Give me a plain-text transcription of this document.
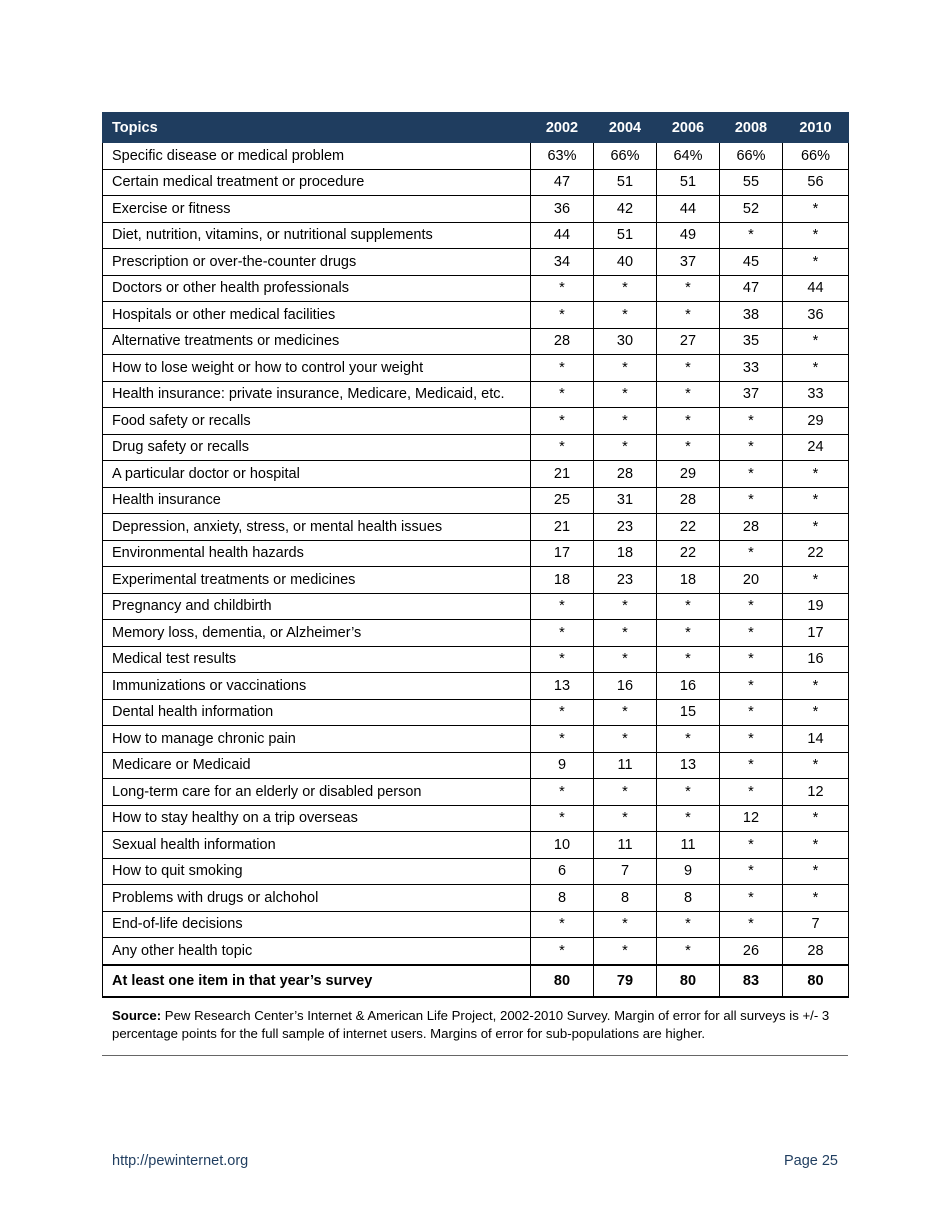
Topics	2002	2004	2006	2008	2010
Specific disease or medical problem	63%	66%	64%	66%	66%
Certain medical treatment or procedure	47	51	51	55	56
Exercise or fitness	36	42	44	52	*
Diet, nutrition, vitamins, or nutritional supplements	44	51	49	*	*
Prescription or over-the-counter drugs	34	40	37	45	*
Doctors or other health professionals	*	*	*	47	44
Hospitals or other medical facilities	*	*	*	38	36
Alternative treatments or medicines	28	30	27	35	*
How to lose weight or how to control your weight	*	*	*	33	*
Health insurance: private insurance, Medicare, Medicaid, etc.	*	*	*	37	33
Food safety or recalls	*	*	*	*	29
Drug safety or recalls	*	*	*	*	24
A particular doctor or hospital	21	28	29	*	*
Health insurance	25	31	28	*	*
Depression, anxiety, stress, or mental health issues	21	23	22	28	*
Environmental health hazards	17	18	22	*	22
Experimental treatments or medicines	18	23	18	20	*
Pregnancy and childbirth	*	*	*	*	19
Memory loss, dementia, or Alzheimer’s	*	*	*	*	17
Medical test results	*	*	*	*	16
Immunizations or vaccinations	13	16	16	*	*
Dental health information	*	*	15	*	*
How to manage chronic pain	*	*	*	*	14
Medicare or Medicaid	9	11	13	*	*
Long-term care for an elderly or disabled person	*	*	*	*	12
How to stay healthy on a trip overseas	*	*	*	12	*
Sexual health information	10	11	11	*	*
How to quit smoking	6	7	9	*	*
Problems with drugs or alchohol	8	8	8	*	*
End-of-life decisions	*	*	*	*	7
Any other health topic	*	*	*	26	28
At least one item in that year’s survey	80	79	80	83	80
Source: Pew Research Center’s Internet & American Life Project, 2002-2010 Survey. Margin of error for all surveys is +/- 3 percentage points for the full sample of internet users. Margins of error for sub-populations are higher.
http://pewinternet.org	Page 25
